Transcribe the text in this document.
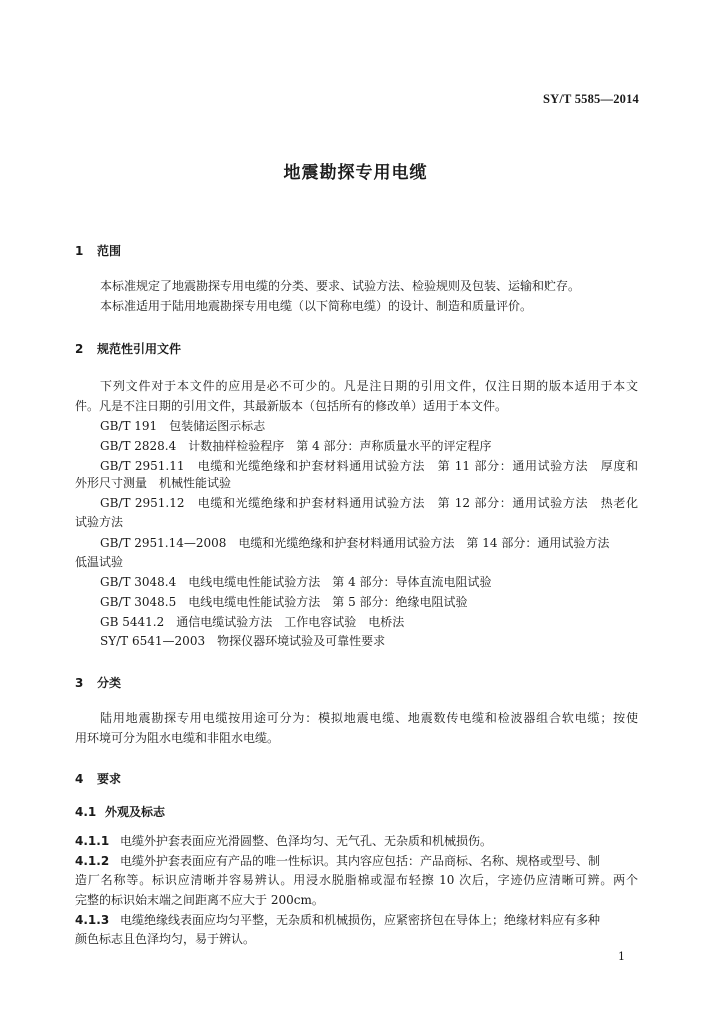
SY/T 5585—2014
地震勘探专用电缆
1 范围
本标准规定了地震勘探专用电缆的分类、要求、试验方法、检验规则及包装、运输和贮存。
本标准适用于陆用地震勘探专用电缆（以下简称电缆）的设计、制造和质量评价。
2 规范性引用文件
下列文件对于本文件的应用是必不可少的。凡是注日期的引用文件，仅注日期的版本适用于本文
件。凡是不注日期的引用文件，其最新版本（包括所有的修改单）适用于本文件。
GB/T 191　包装储运图示标志
GB/T 2828.4　计数抽样检验程序　第 4 部分：声称质量水平的评定程序
GB/T 2951.11　电缆和光缆绝缘和护套材料通用试验方法　第 11 部分：通用试验方法　厚度和
外形尺寸测量　机械性能试验
GB/T 2951.12　电缆和光缆绝缘和护套材料通用试验方法　第 12 部分：通用试验方法　热老化
试验方法
GB/T 2951.14—2008　电缆和光缆绝缘和护套材料通用试验方法　第 14 部分：通用试验方法
低温试验
GB/T 3048.4　电线电缆电性能试验方法　第 4 部分：导体直流电阻试验
GB/T 3048.5　电线电缆电性能试验方法　第 5 部分：绝缘电阻试验
GB 5441.2　通信电缆试验方法　工作电容试验　电桥法
SY/T 6541—2003　物探仪器环境试验及可靠性要求
3 分类
陆用地震勘探专用电缆按用途可分为：模拟地震电缆、地震数传电缆和检波器组合软电缆；按使
用环境可分为阻水电缆和非阻水电缆。
4 要求
4.1 外观及标志
4.1.1 电缆外护套表面应光滑圆整、色泽均匀、无气孔、无杂质和机械损伤。
4.1.2 电缆外护套表面应有产品的唯一性标识。其内容应包括：产品商标、名称、规格或型号、制
造厂名称等。标识应清晰并容易辨认。用浸水脱脂棉或湿布轻擦 10 次后，字迹仍应清晰可辨。两个
完整的标识始末端之间距离不应大于 200cm。
4.1.3 电缆绝缘线表面应均匀平整，无杂质和机械损伤，应紧密挤包在导体上；绝缘材料应有多种
颜色标志且色泽均匀，易于辨认。
1
